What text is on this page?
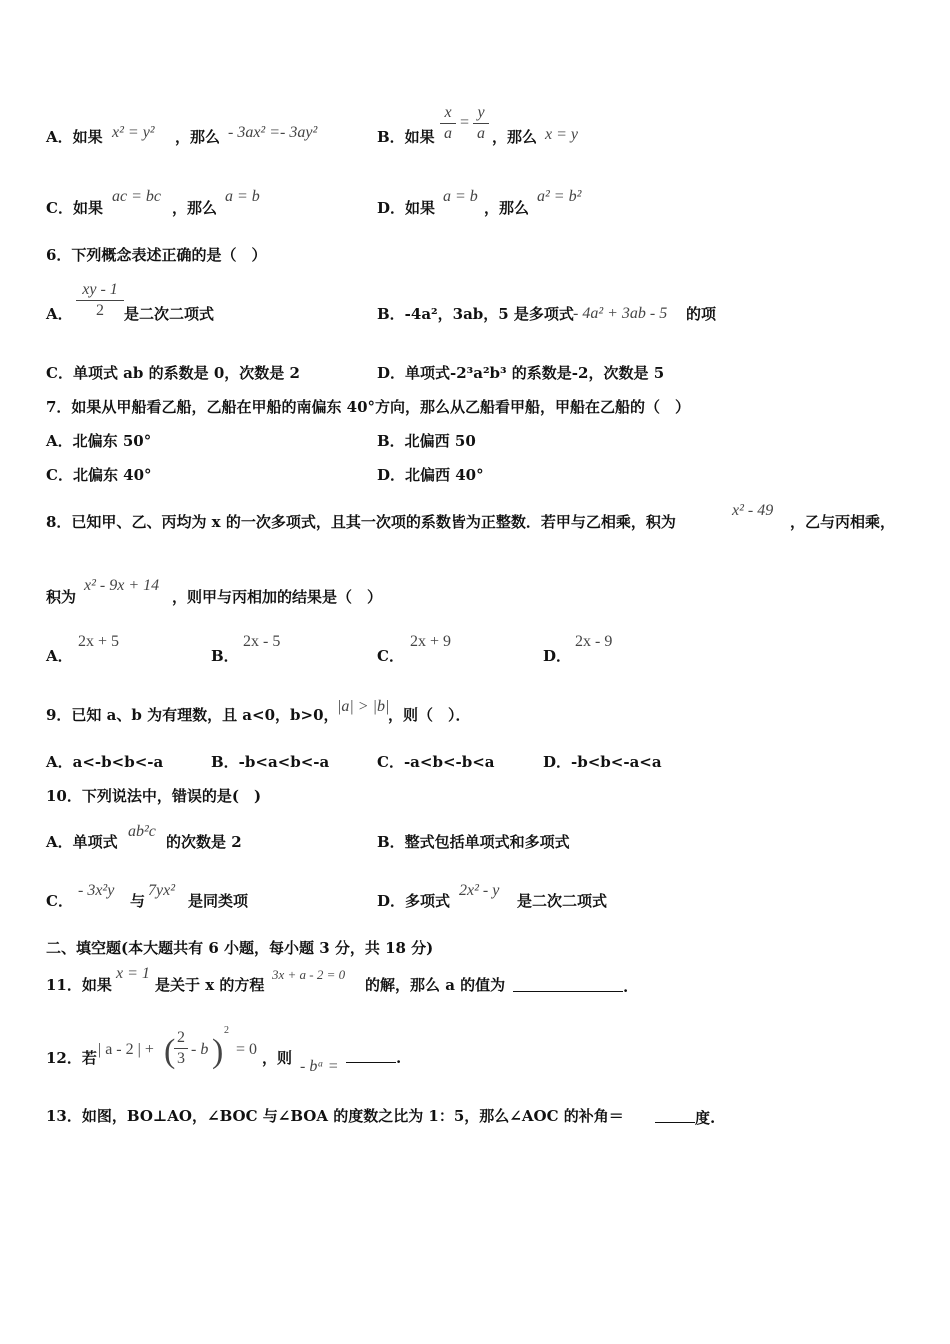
A．如果 x² = y² ，那么 - 3ax² =- 3ay²	B．如果
x
a
=
y
a ，那么 x = y
C．如果
ac = bc
，那么
a = b
D．如果
a = b
，那么
a² = b²
6．下列概念表述正确的是（　）
A．
xy - 1
2	是二次二项式	B．-4a²，3ab，5 是多项式 - 4a² + 3ab - 5 的项
C．单项式 ab 的系数是 0，次数是 2	D．单项式-2³a²b³ 的系数是-2，次数是 5
7．如果从甲船看乙船，乙船在甲船的南偏东 40°方向，那么从乙船看甲船，甲船在乙船的（　）
A．北偏东 50°	B．北偏西 50
C．北偏东 40°	D．北偏西 40°
8．已知甲、乙、丙均为 x 的一次多项式，且其一次项的系数皆为正整数．若甲与乙相乘，积为
x² - 49
，乙与丙相乘，
积为
x² - 9x + 14
，则甲与丙相加的结果是（　）
A．
2x + 5
B．
2x - 5
C．
2x + 9
D．
2x - 9
9．已知 a、b 为有理数，且 a<0，b>0，
|a| > |b|
，则（　）．
A．a<-b<b<-a	B．-b<a<b<-a	C．-a<b<-b<a	D．-b<b<-a<a
10．下列说法中，错误的是(　)
A．单项式
ab²c
的次数是 2	B．整式包括单项式和多项式
C．
- 3x²y
与
7yx²
是同类项	D．多项式
2x² - y
是二次二项式
二、填空题(本大题共有 6 小题，每小题 3 分，共 18 分)
11．如果
x = 1
是关于 x 的方程
3x + a - 2 = 0
的解，那么 a 的值为	.
12．若 | a - 2 | + ( 2
3
- b )
2
= 0 ，则 - bᵃ =	.
13．如图，BO⊥AO，∠BOC 与∠BOA 的度数之比为 1：5，那么∠AOC 的补角＝	度.
